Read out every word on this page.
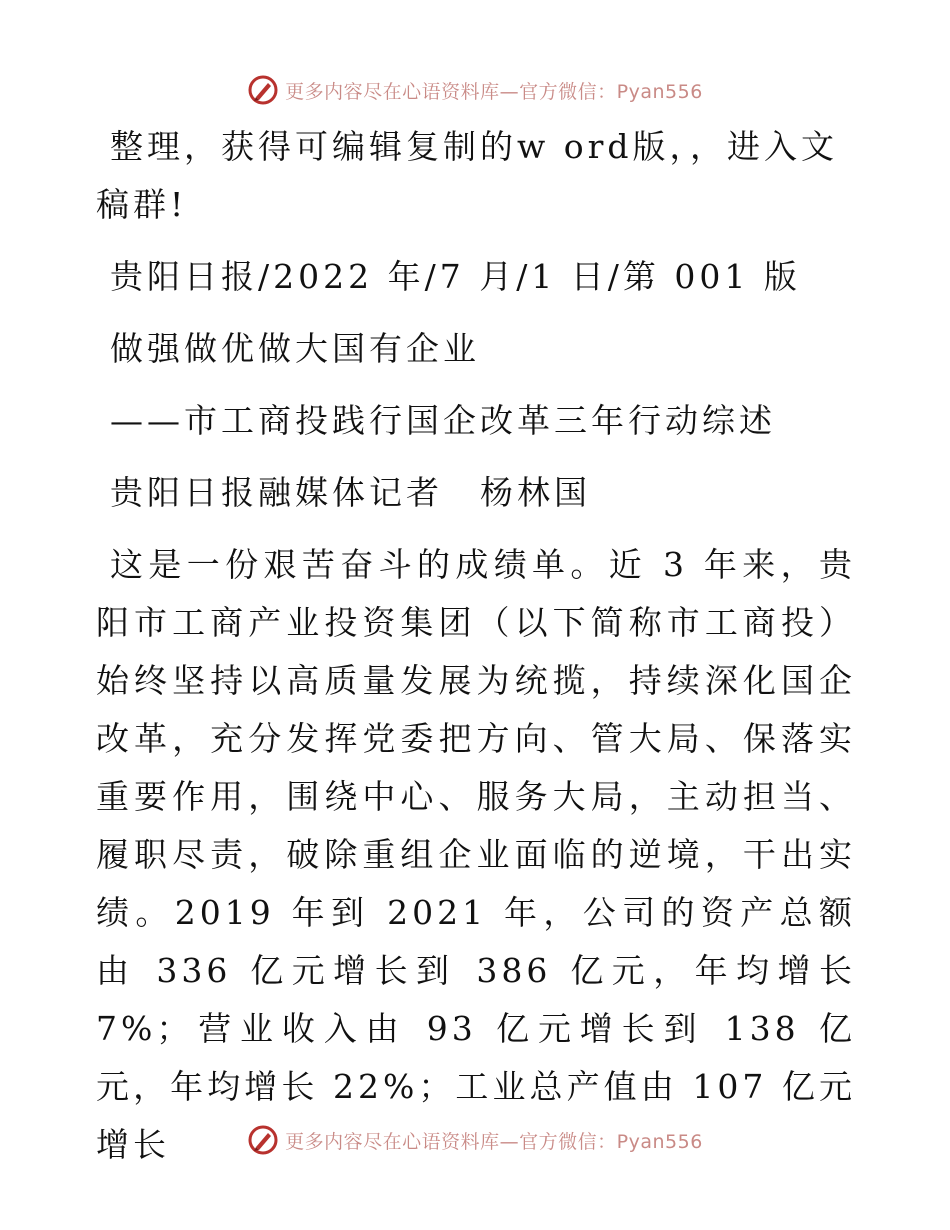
更多内容尽在心语资料库—官方微信：Pyan556

整理，获得可编辑复制的w ord版，，进入文稿群!

贵阳日报/2022 年/7 月/1 日/第 001 版

做强做优做大国有企业

——市工商投践行国企改革三年行动综述

贵阳日报融媒体记者　杨林国

这是一份艰苦奋斗的成绩单。近 3 年来，贵阳市工商产业投资集团（以下简称市工商投）始终坚持以高质量发展为统揽，持续深化国企改革，充分发挥党委把方向、管大局、保落实重要作用，围绕中心、服务大局，主动担当、履职尽责，破除重组企业面临的逆境，干出实绩。2019 年到 2021 年，公司的资产总额由 336 亿元增长到 386 亿元，年均增长 7%；营业收入由 93 亿元增长到 138 亿元，年均增长 22%；工业总产值由 107 亿元增长	更多内容尽在心语资料库—官方微信：Pyan556
